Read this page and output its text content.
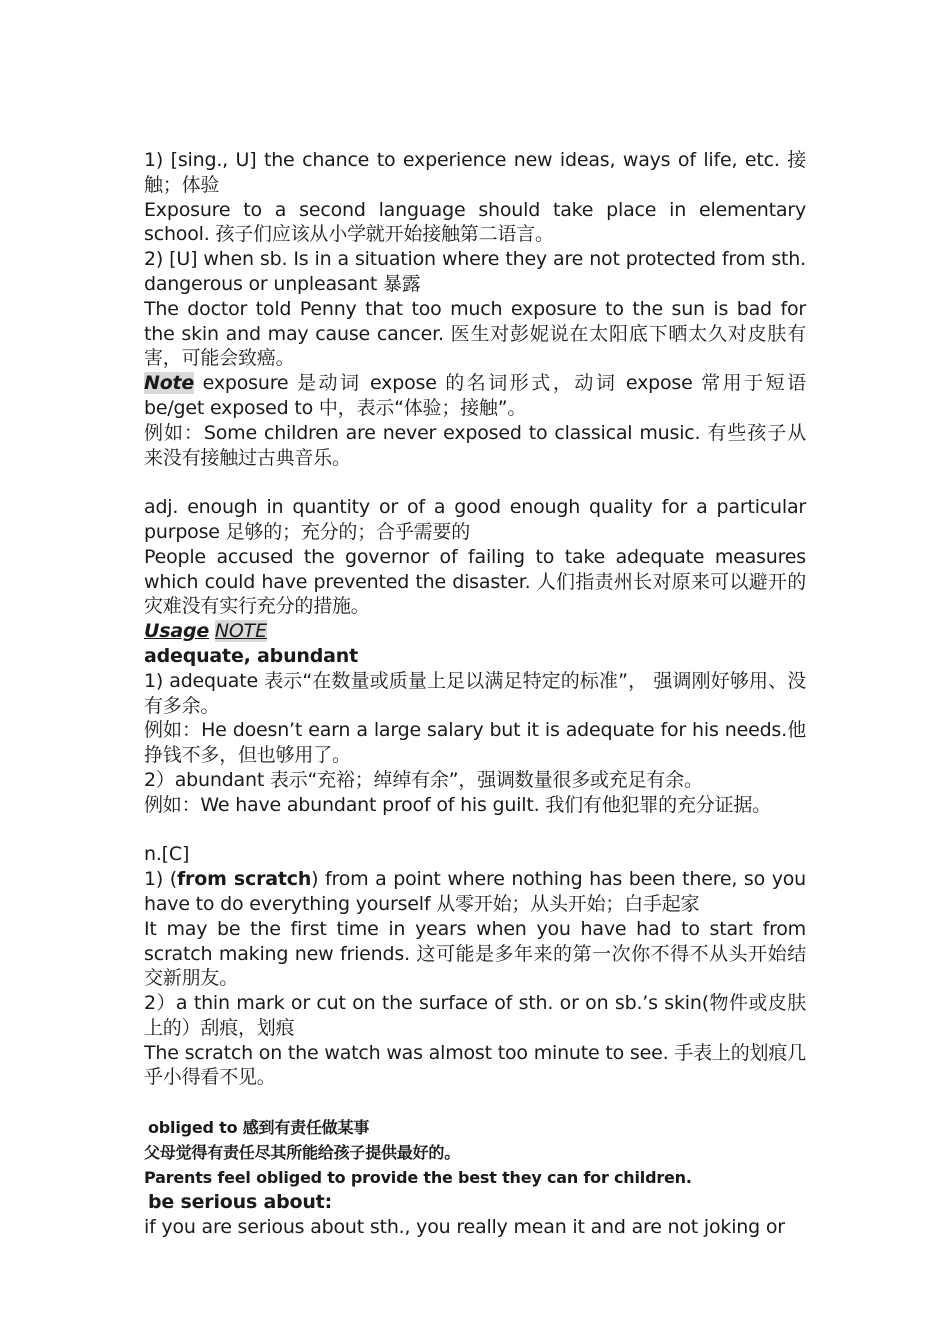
1) [sing., U] the chance to experience new ideas, ways of life, etc. 接触；体验

Exposure to a second language should take place in elementary school. 孩子们应该从小学就开始接触第二语言。

2) [U] when sb. Is in a situation where they are not protected from sth. dangerous or unpleasant 暴露

The doctor told Penny that too much exposure to the sun is bad for the skin and may cause cancer. 医生对彭妮说在太阳底下晒太久对皮肤有害，可能会致癌。

Note exposure 是动词 expose 的名词形式，动词 expose 常用于短语 be/get exposed to 中，表示“体验；接触”。

例如：Some children are never exposed to classical music. 有些孩子从来没有接触过古典音乐。

adj. enough in quantity or of a good enough quality for a particular purpose 足够的；充分的；合乎需要的

People accused the governor of failing to take adequate measures which could have prevented the disaster. 人们指责州长对原来可以避开的灾难没有实行充分的措施。

Usage NOTE

adequate, abundant

1) adequate 表示“在数量或质量上足以满足特定的标准”， 强调刚好够用、没有多余。

例如：He doesn’t earn a large salary but it is adequate for his needs.他挣钱不多，但也够用了。

2）abundant 表示“充裕；绰绰有余”，强调数量很多或充足有余。

例如：We have abundant proof of his guilt. 我们有他犯罪的充分证据。

n.[C]

1) (from scratch) from a point where nothing has been there, so you have to do everything yourself 从零开始；从头开始；白手起家

It may be the first time in years when you have had to start from scratch making new friends. 这可能是多年来的第一次你不得不从头开始结交新朋友。

2）a thin mark or cut on the surface of sth. or on sb.’s skin(物件或皮肤上的）刮痕，划痕

The scratch on the watch was almost too minute to see. 手表上的划痕几乎小得看不见。

obliged to 感到有责任做某事

父母觉得有责任尽其所能给孩子提供最好的。

Parents feel obliged to provide the best they can for children.

be serious about:

if you are serious about sth., you really mean it and are not joking or
